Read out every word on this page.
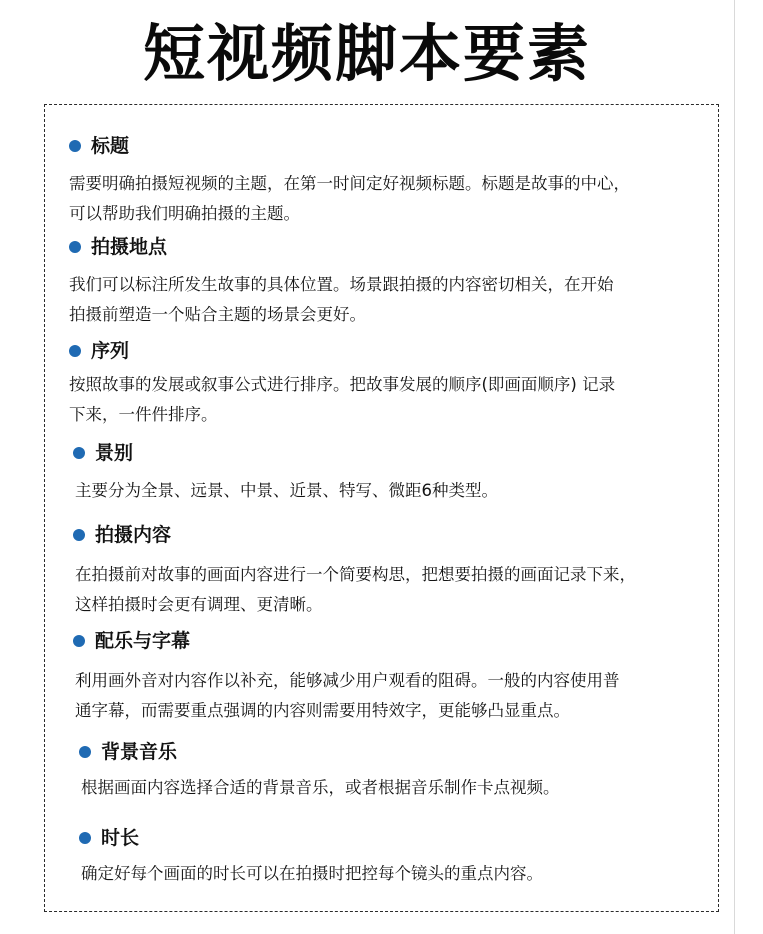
短视频脚本要素
标题
需要明确拍摄短视频的主题，在第一时间定好视频标题。标题是故事的中心，
可以帮助我们明确拍摄的主题。
拍摄地点
我们可以标注所发生故事的具体位置。场景跟拍摄的内容密切相关，在开始
拍摄前塑造一个贴合主题的场景会更好。
序列
按照故事的发展或叙事公式进行排序。把故事发展的顺序(即画面顺序) 记录
下来，一件件排序。
景别
主要分为全景、远景、中景、近景、特写、微距6种类型。
拍摄内容
在拍摄前对故事的画面内容进行一个简要构思，把想要拍摄的画面记录下来，
这样拍摄时会更有调理、更清晰。
配乐与字幕
利用画外音对内容作以补充，能够减少用户观看的阻碍。一般的内容使用普
通字幕，而需要重点强调的内容则需要用特效字，更能够凸显重点。
背景音乐
根据画面内容选择合适的背景音乐，或者根据音乐制作卡点视频。
时长
确定好每个画面的时长可以在拍摄时把控每个镜头的重点内容。
